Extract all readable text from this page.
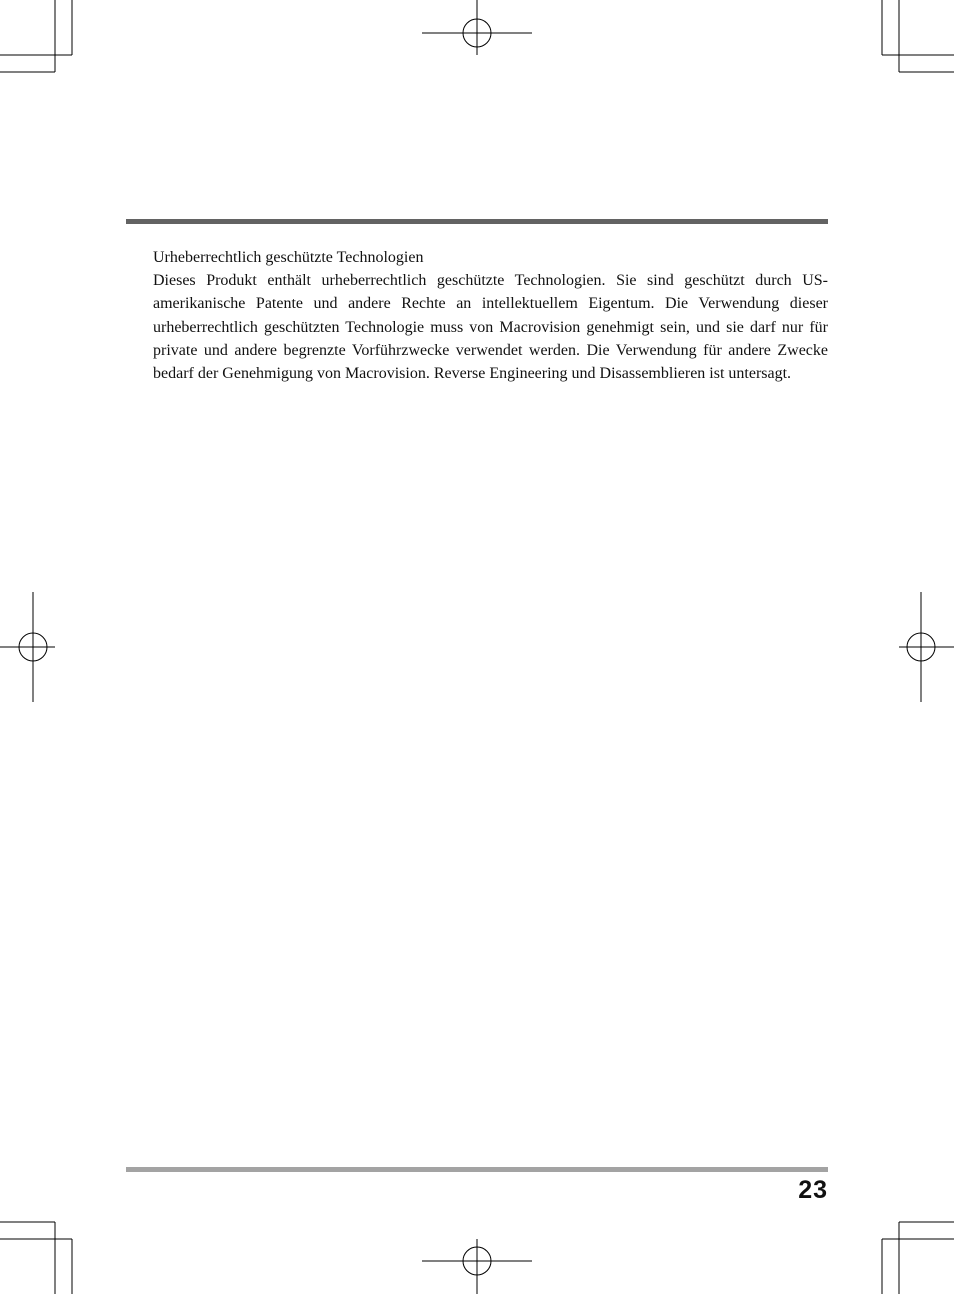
Urheberrechtlich geschützte Technologien

Dieses Produkt enthält urheberrechtlich geschützte Technologien. Sie sind geschützt durch US-amerikanische Patente und andere Rechte an intellektuellem Eigentum. Die Verwendung dieser urheberrechtlich geschützten Technologie muss von Macrovision genehmigt sein, und sie darf nur für private und andere begrenzte Vorführzwecke verwendet werden. Die Verwendung für andere Zwecke bedarf der Genehmigung von Macrovision. Reverse Engineering und Disassemblieren ist untersagt.

23
